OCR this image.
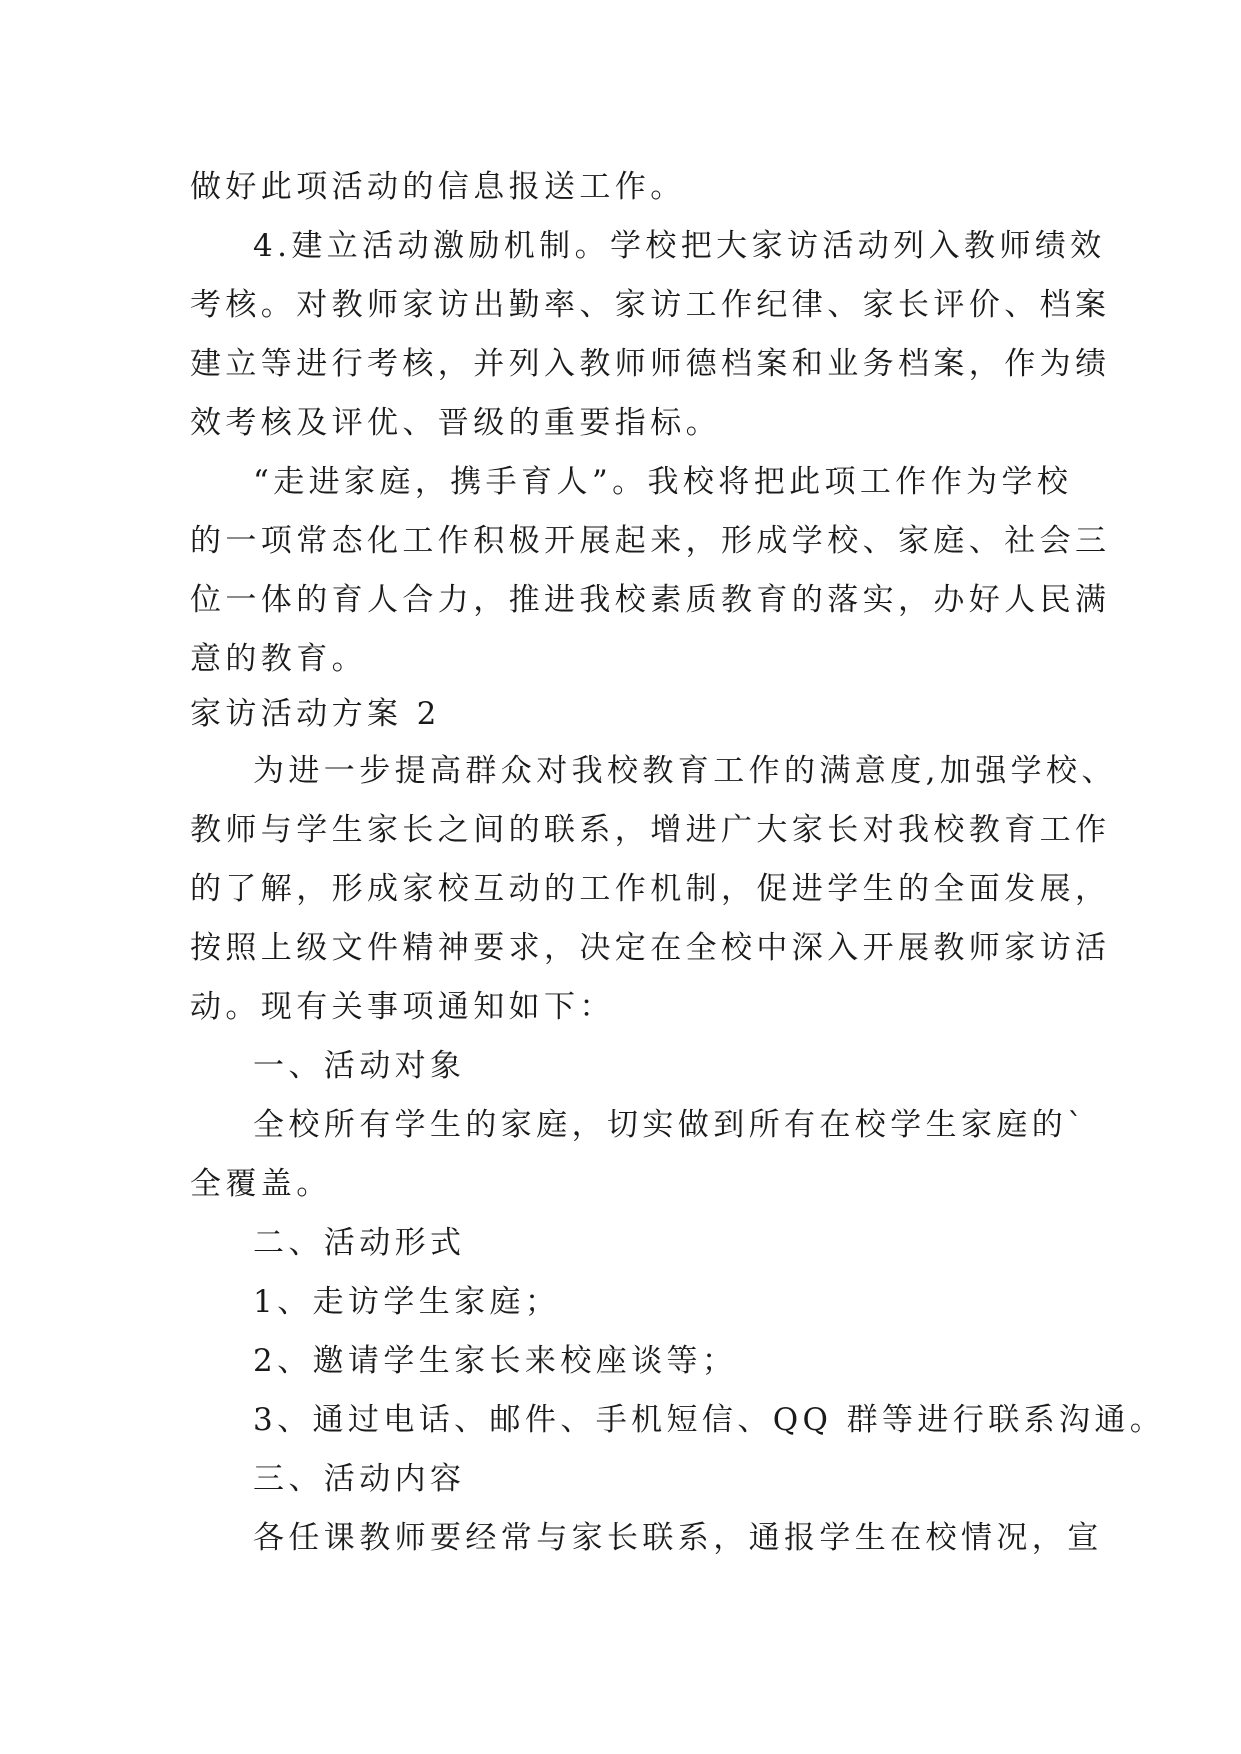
做好此项活动的信息报送工作。
4.建立活动激励机制。学校把大家访活动列入教师绩效
考核。对教师家访出勤率、家访工作纪律、家长评价、档案
建立等进行考核，并列入教师师德档案和业务档案，作为绩
效考核及评优、晋级的重要指标。
“走进家庭，携手育人”。我校将把此项工作作为学校
的一项常态化工作积极开展起来，形成学校、家庭、社会三
位一体的育人合力，推进我校素质教育的落实，办好人民满
意的教育。
家访活动方案 2
为进一步提高群众对我校教育工作的满意度,加强学校、
教师与学生家长之间的联系，增进广大家长对我校教育工作
的了解，形成家校互动的工作机制，促进学生的全面发展，
按照上级文件精神要求，决定在全校中深入开展教师家访活
动。现有关事项通知如下：
一、活动对象
全校所有学生的家庭，切实做到所有在校学生家庭的`
全覆盖。
二、活动形式
1、走访学生家庭；
2、邀请学生家长来校座谈等；
3、通过电话、邮件、手机短信、QQ 群等进行联系沟通。
三、活动内容
各任课教师要经常与家长联系，通报学生在校情况，宣
